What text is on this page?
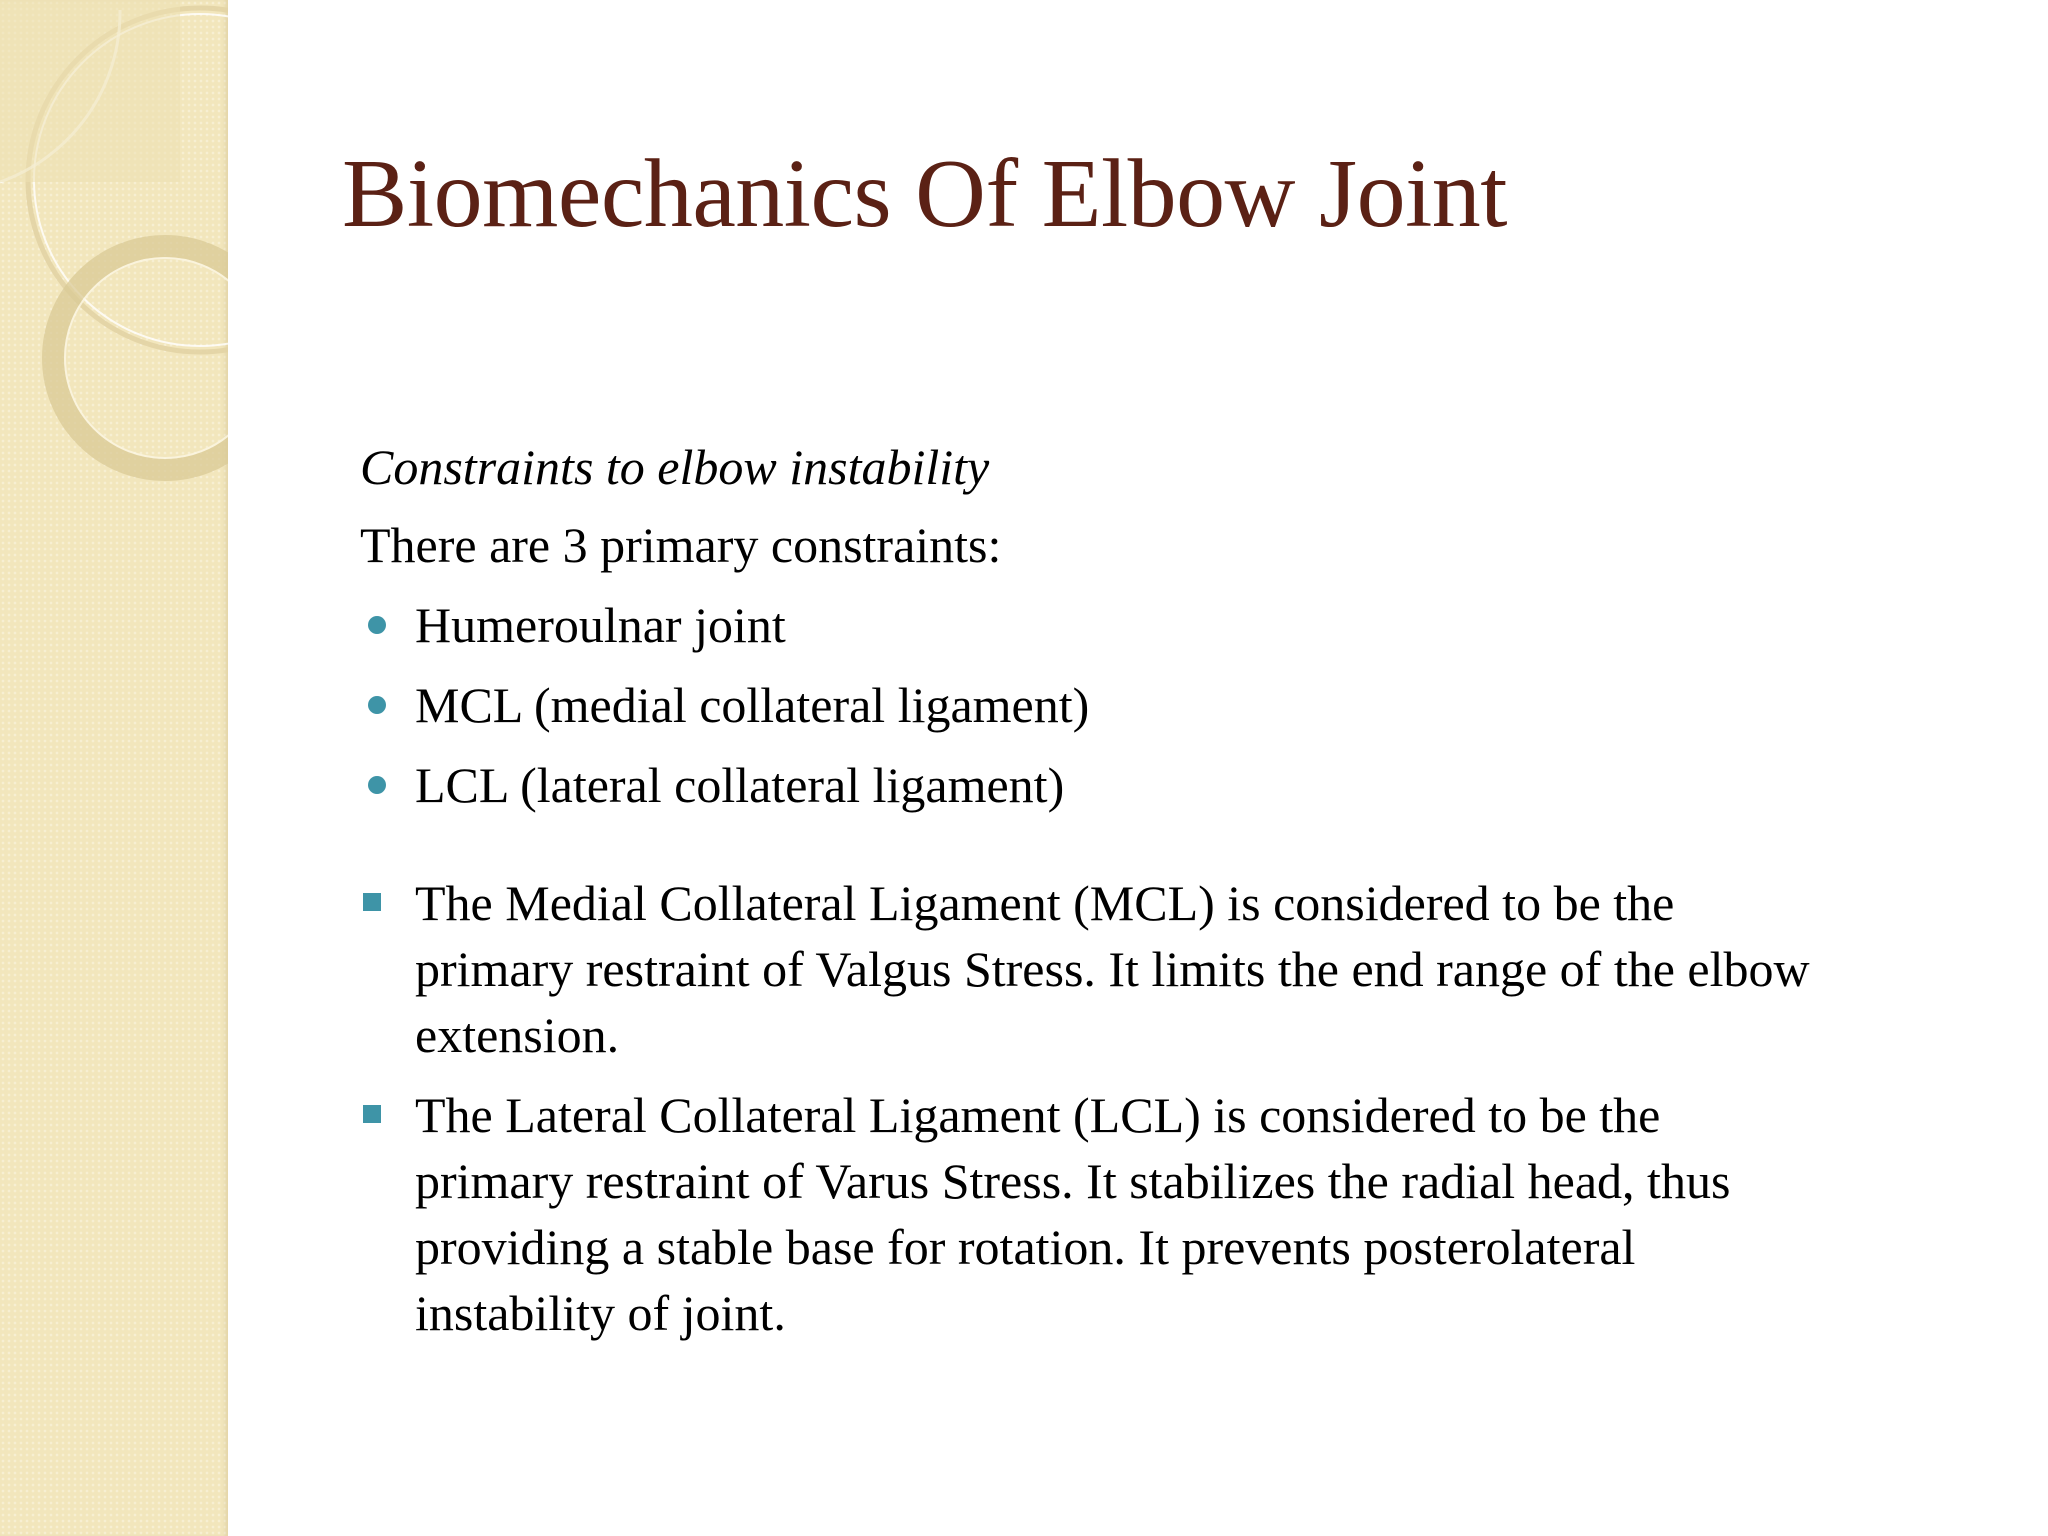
Biomechanics Of Elbow Joint
Constraints to elbow instability
There are 3 primary constraints:
Humeroulnar joint
MCL (medial collateral ligament)
LCL (lateral collateral ligament)
The Medial Collateral Ligament (MCL) is considered to be the
primary restraint of Valgus Stress. It limits the end range of the elbow
extension.
The Lateral Collateral Ligament (LCL) is considered to be the
primary restraint of Varus Stress. It stabilizes the radial head, thus
providing a stable base for rotation. It prevents posterolateral
instability of joint.
